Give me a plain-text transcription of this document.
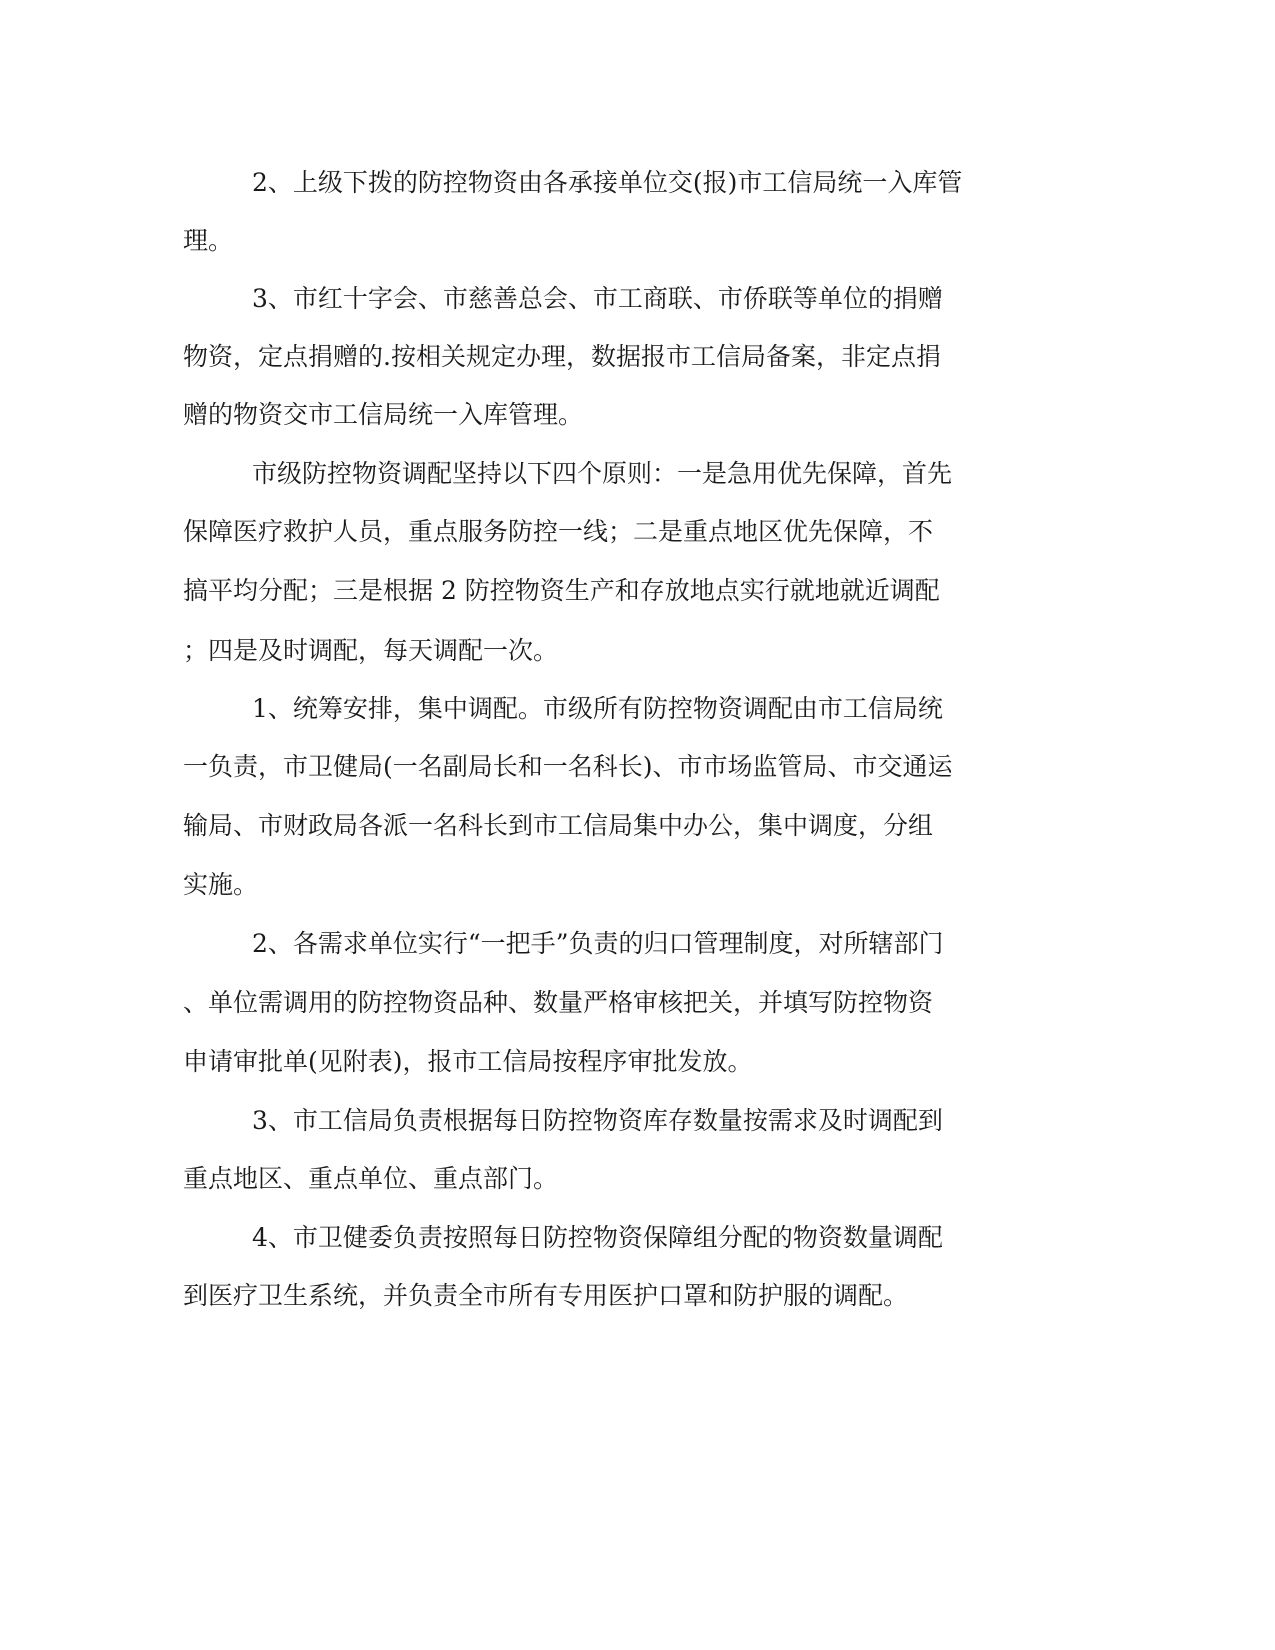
2、上级下拨的防控物资由各承接单位交(报)市工信局统一入库管
理。
3、市红十字会、市慈善总会、市工商联、市侨联等单位的捐赠
物资，定点捐赠的.按相关规定办理，数据报市工信局备案，非定点捐
赠的物资交市工信局统一入库管理。
市级防控物资调配坚持以下四个原则：一是急用优先保障，首先
保障医疗救护人员，重点服务防控一线；二是重点地区优先保障，不
搞平均分配；三是根据 2 防控物资生产和存放地点实行就地就近调配
；四是及时调配，每天调配一次。
1、统筹安排，集中调配。市级所有防控物资调配由市工信局统
一负责，市卫健局(一名副局长和一名科长)、市市场监管局、市交通运
输局、市财政局各派一名科长到市工信局集中办公，集中调度，分组
实施。
2、各需求单位实行“一把手”负责的归口管理制度，对所辖部门
、单位需调用的防控物资品种、数量严格审核把关，并填写防控物资
申请审批单(见附表)，报市工信局按程序审批发放。
3、市工信局负责根据每日防控物资库存数量按需求及时调配到
重点地区、重点单位、重点部门。
4、市卫健委负责按照每日防控物资保障组分配的物资数量调配
到医疗卫生系统，并负责全市所有专用医护口罩和防护服的调配。
